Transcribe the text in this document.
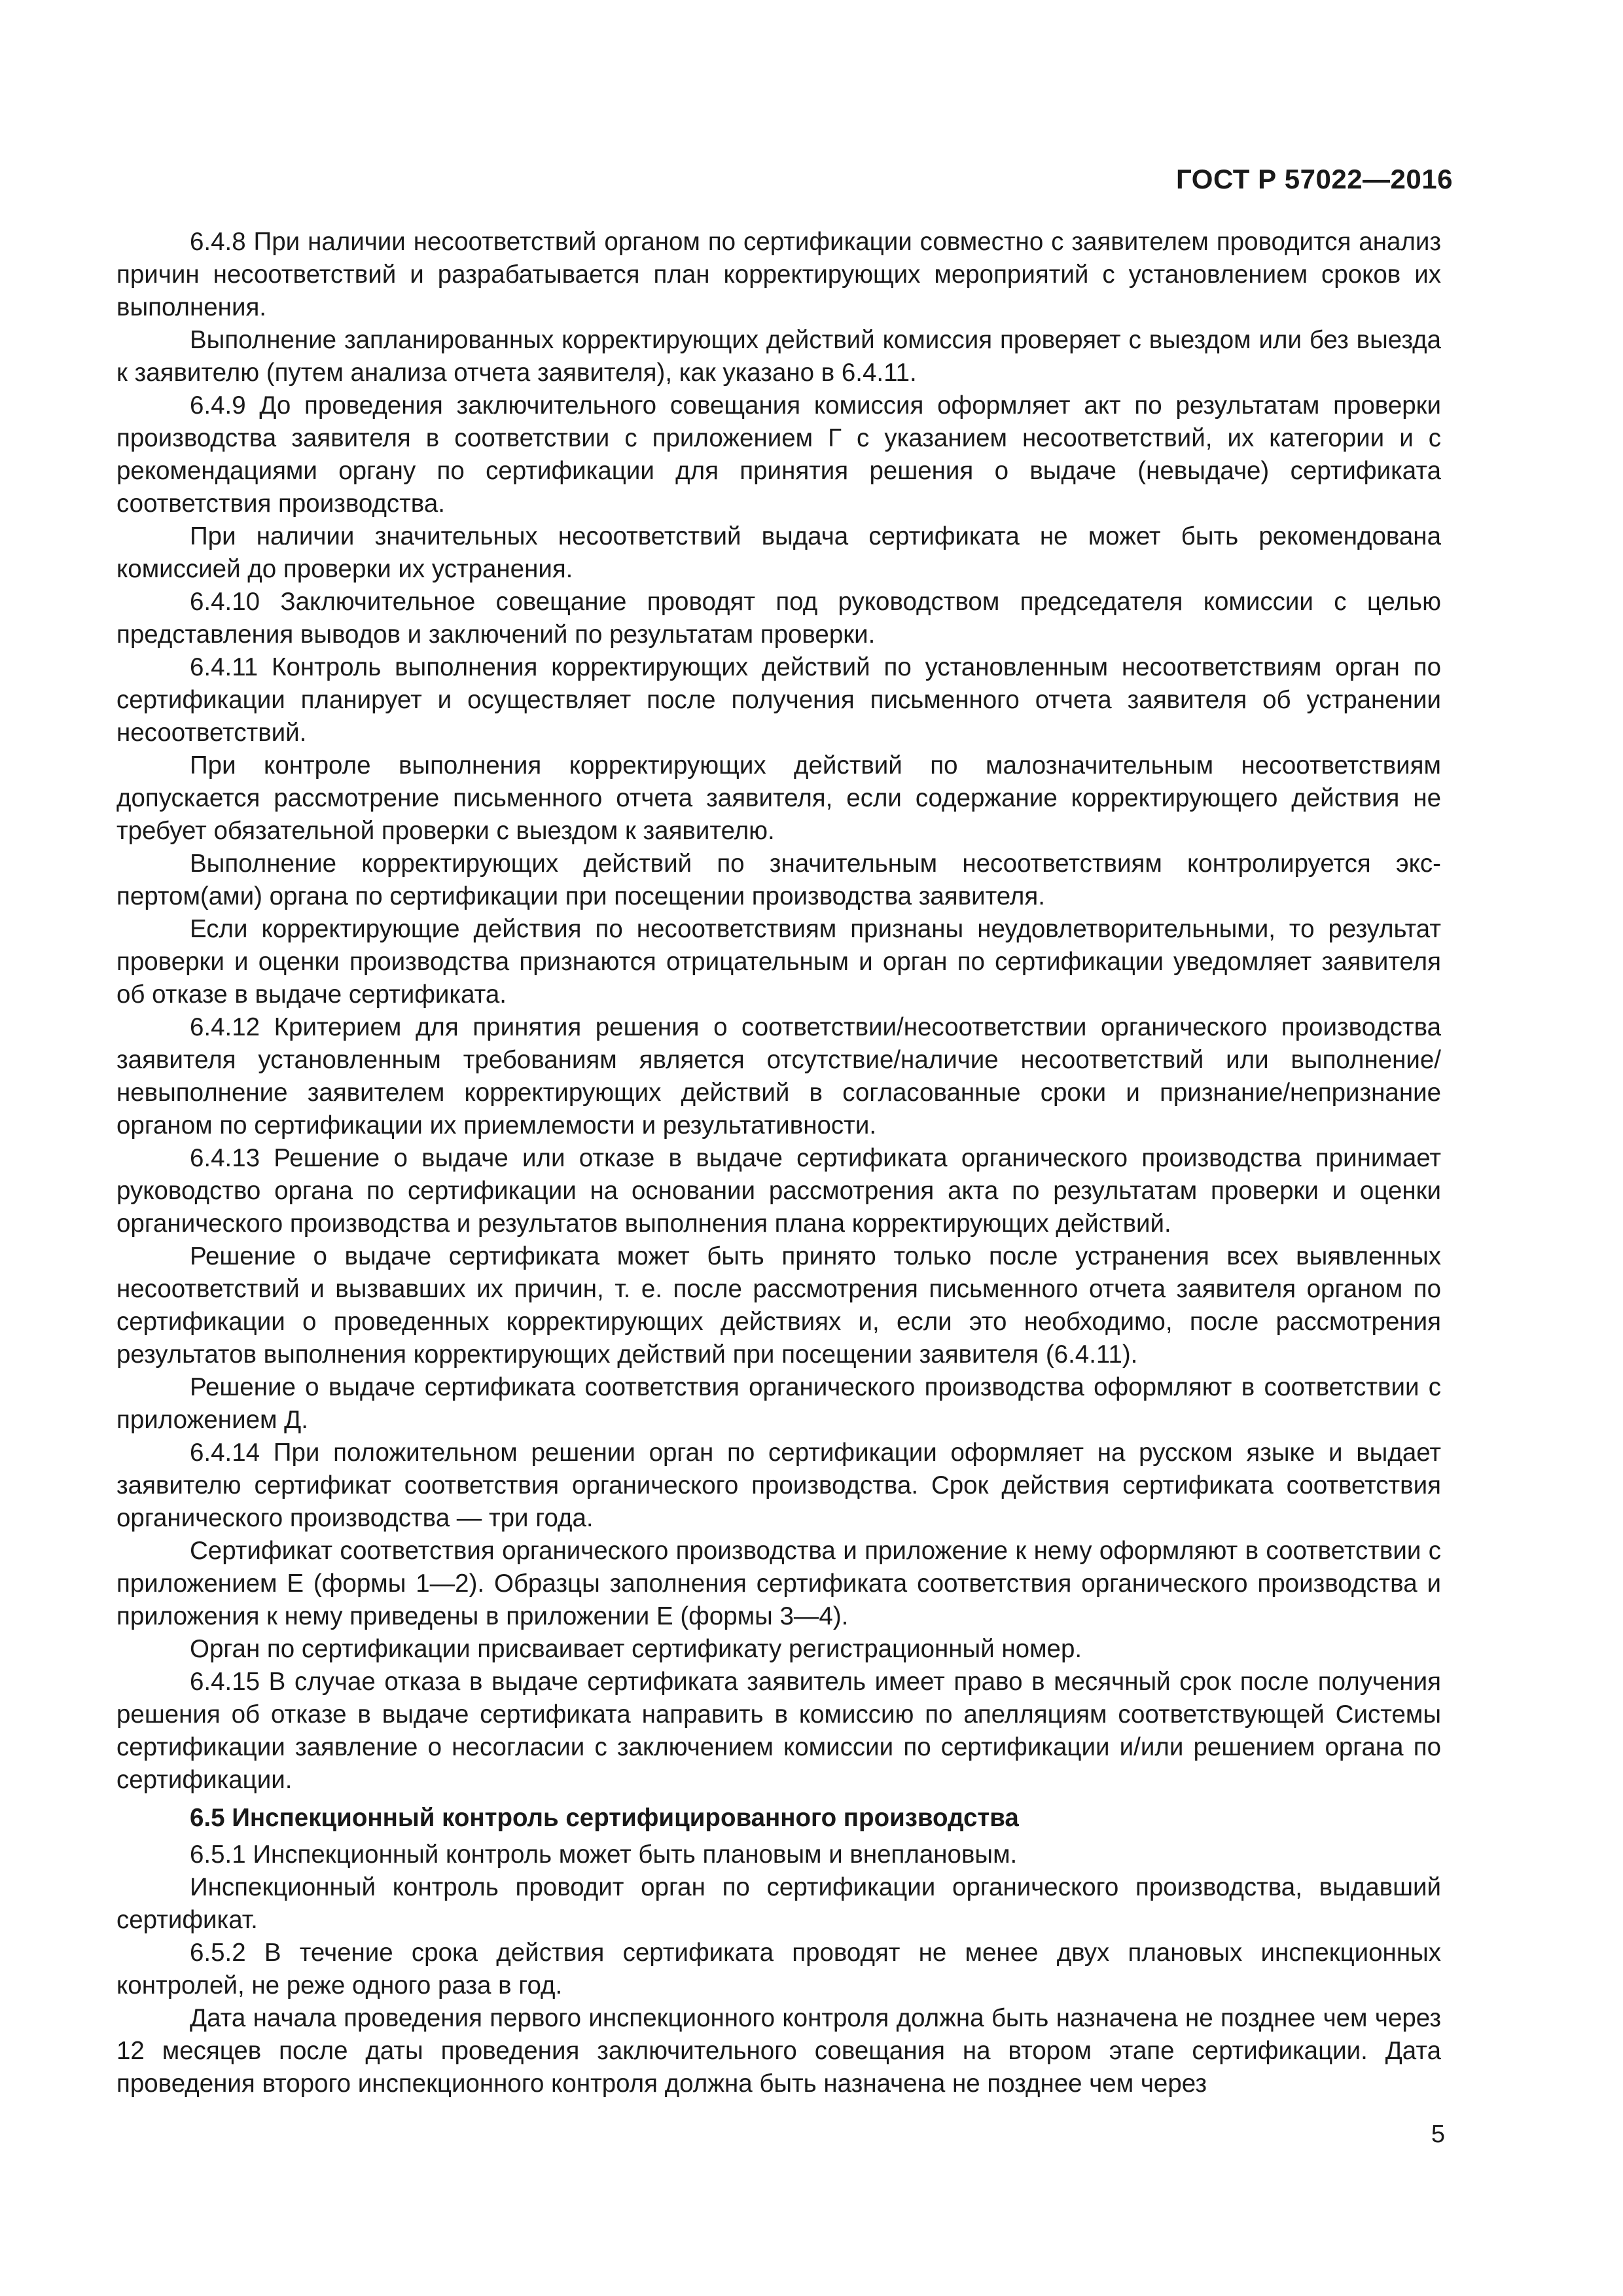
ГОСТ Р 57022—2016

6.4.8 При наличии несоответствий органом по сертификации совместно с заявителем проводится анализ причин несоответствий и разрабатывается план корректирующих мероприятий с установлением сроков их выполнения.

Выполнение запланированных корректирующих действий комиссия проверяет с выездом или без выезда к заявителю (путем анализа отчета заявителя), как указано в 6.4.11.

6.4.9 До проведения заключительного совещания комиссия оформляет акт по результатам проверки производства заявителя в соответствии с приложением Г с указанием несоответствий, их категории и с рекомендациями органу по сертификации для принятия решения о выдаче (невыдаче) сертификата соответствия производства.

При наличии значительных несоответствий выдача сертификата не может быть рекомендована комиссией до проверки их устранения.

6.4.10 Заключительное совещание проводят под руководством председателя комиссии с целью представления выводов и заключений по результатам проверки.

6.4.11 Контроль выполнения корректирующих действий по установленным несоответствиям орган по сертификации планирует и осуществляет после получения письменного отчета заявителя об устранении несоответствий.

При контроле выполнения корректирующих действий по малозначительным несоответствиям допускается рассмотрение письменного отчета заявителя, если содержание корректирующего действия не требует обязательной проверки с выездом к заявителю.

Выполнение корректирующих действий по значительным несоответствиям контролируется экспертом(ами) органа по сертификации при посещении производства заявителя.

Если корректирующие действия по несоответствиям признаны неудовлетворительными, то результат проверки и оценки производства признаются отрицательным и орган по сертификации уведомляет заявителя об отказе в выдаче сертификата.

6.4.12 Критерием для принятия решения о соответствии/несоответствии органического производства заявителя установленным требованиям является отсутствие/наличие несоответствий или выполнение/невыполнение заявителем корректирующих действий в согласованные сроки и признание/непризнание органом по сертификации их приемлемости и результативности.

6.4.13 Решение о выдаче или отказе в выдаче сертификата органического производства принимает руководство органа по сертификации на основании рассмотрения акта по результатам проверки и оценки органического производства и результатов выполнения плана корректирующих действий.

Решение о выдаче сертификата может быть принято только после устранения всех выявленных несоответствий и вызвавших их причин, т. е. после рассмотрения письменного отчета заявителя органом по сертификации о проведенных корректирующих действиях и, если это необходимо, после рассмотрения результатов выполнения корректирующих действий при посещении заявителя (6.4.11).

Решение о выдаче сертификата соответствия органического производства оформляют в соответствии с приложением Д.

6.4.14 При положительном решении орган по сертификации оформляет на русском языке и выдает заявителю сертификат соответствия органического производства. Срок действия сертификата соответствия органического производства — три года.

Сертификат соответствия органического производства и приложение к нему оформляют в соответствии с приложением Е (формы 1—2). Образцы заполнения сертификата соответствия органического производства и приложения к нему приведены в приложении Е (формы 3—4).

Орган по сертификации присваивает сертификату регистрационный номер.

6.4.15 В случае отказа в выдаче сертификата заявитель имеет право в месячный срок после получения решения об отказе в выдаче сертификата направить в комиссию по апелляциям соответствующей Системы сертификации заявление о несогласии с заключением комиссии по сертификации и/или решением органа по сертификации.

6.5 Инспекционный контроль сертифицированного производства

6.5.1 Инспекционный контроль может быть плановым и внеплановым.

Инспекционный контроль проводит орган по сертификации органического производства, выдавший сертификат.

6.5.2 В течение срока действия сертификата проводят не менее двух плановых инспекционных контролей, не реже одного раза в год.

Дата начала проведения первого инспекционного контроля должна быть назначена не позднее чем через 12 месяцев после даты проведения заключительного совещания на втором этапе сертификации. Дата проведения второго инспекционного контроля должна быть назначена не позднее чем через

5
